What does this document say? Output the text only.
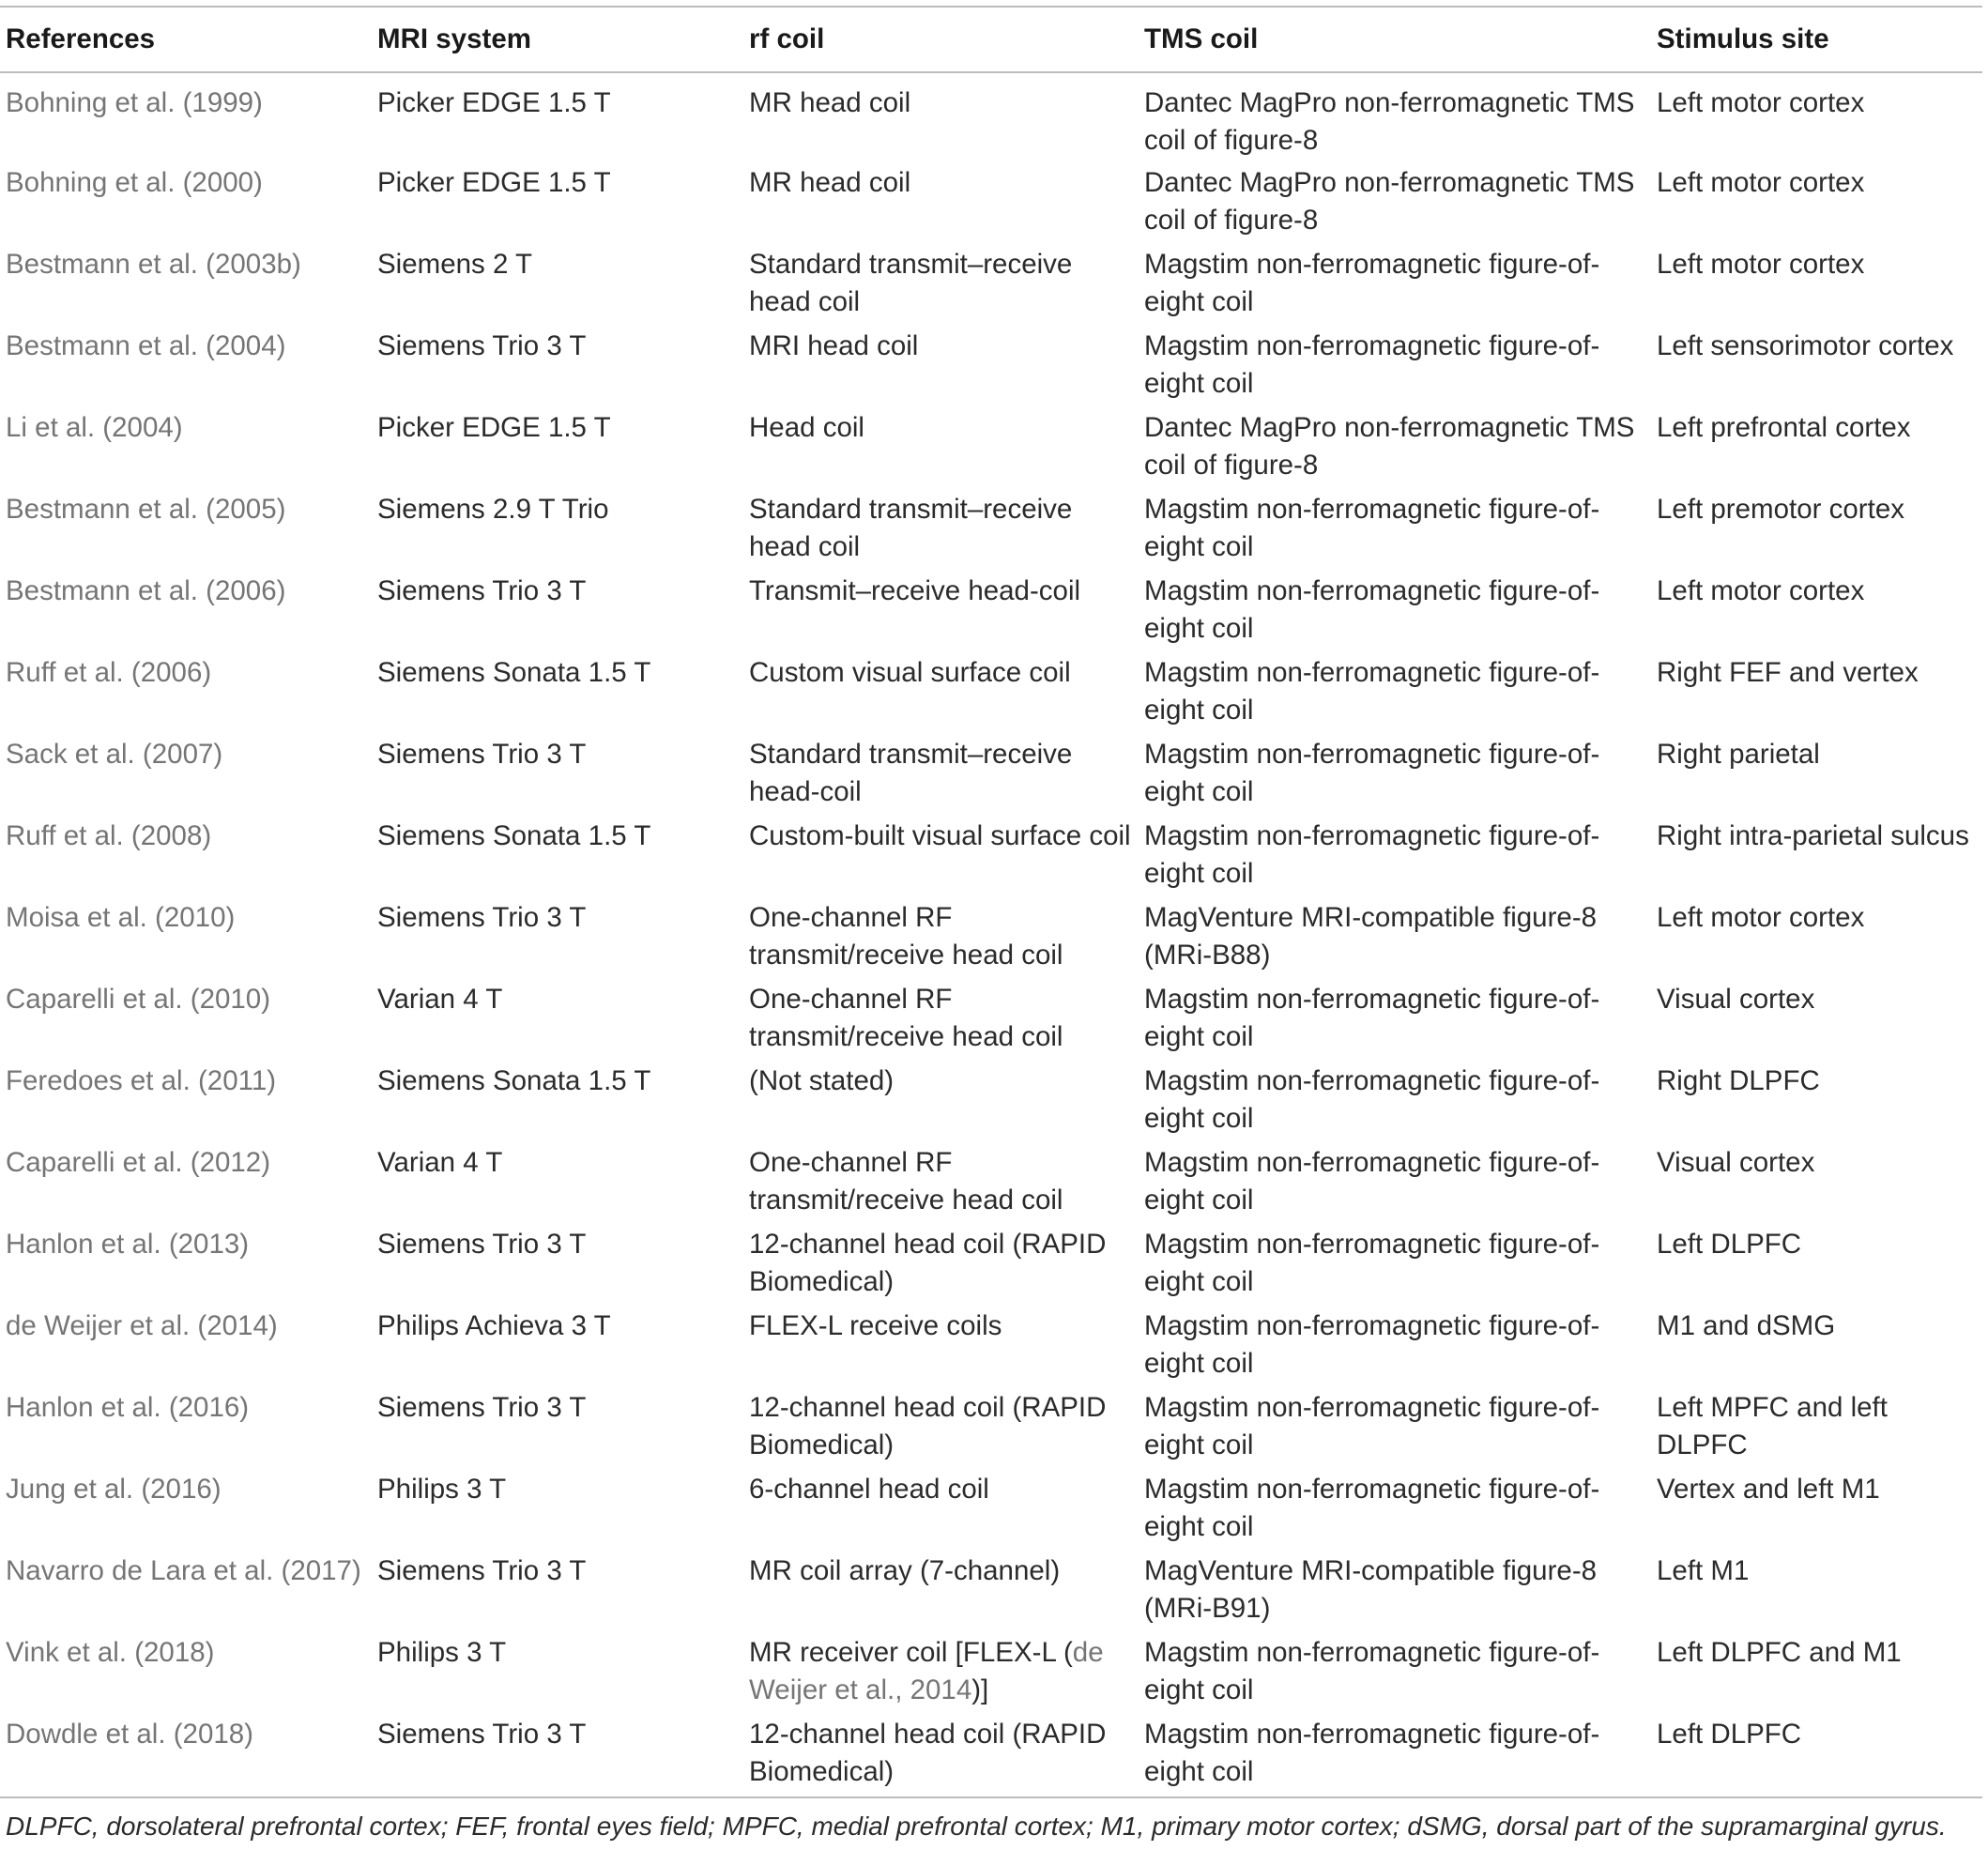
References	MRI system	rf coil	TMS coil	Stimulus site
Bohning et al. (1999)	Picker EDGE 1.5 T	MR head coil	Dantec MagPro non-ferromagnetic TMS coil of figure-8	Left motor cortex
Bohning et al. (2000)	Picker EDGE 1.5 T	MR head coil	Dantec MagPro non-ferromagnetic TMS coil of figure-8	Left motor cortex
Bestmann et al. (2003b)	Siemens 2 T	Standard transmit–receive head coil	Magstim non-ferromagnetic figure-of-eight coil	Left motor cortex
Bestmann et al. (2004)	Siemens Trio 3 T	MRI head coil	Magstim non-ferromagnetic figure-of-eight coil	Left sensorimotor cortex
Li et al. (2004)	Picker EDGE 1.5 T	Head coil	Dantec MagPro non-ferromagnetic TMS coil of figure-8	Left prefrontal cortex
Bestmann et al. (2005)	Siemens 2.9 T Trio	Standard transmit–receive head coil	Magstim non-ferromagnetic figure-of-eight coil	Left premotor cortex
Bestmann et al. (2006)	Siemens Trio 3 T	Transmit–receive head-coil	Magstim non-ferromagnetic figure-of-eight coil	Left motor cortex
Ruff et al. (2006)	Siemens Sonata 1.5 T	Custom visual surface coil	Magstim non-ferromagnetic figure-of-eight coil	Right FEF and vertex
Sack et al. (2007)	Siemens Trio 3 T	Standard transmit–receive head-coil	Magstim non-ferromagnetic figure-of-eight coil	Right parietal
Ruff et al. (2008)	Siemens Sonata 1.5 T	Custom-built visual surface coil	Magstim non-ferromagnetic figure-of-eight coil	Right intra-parietal sulcus
Moisa et al. (2010)	Siemens Trio 3 T	One-channel RF transmit/receive head coil	MagVenture MRI-compatible figure-8 (MRi-B88)	Left motor cortex
Caparelli et al. (2010)	Varian 4 T	One-channel RF transmit/receive head coil	Magstim non-ferromagnetic figure-of-eight coil	Visual cortex
Feredoes et al. (2011)	Siemens Sonata 1.5 T	(Not stated)	Magstim non-ferromagnetic figure-of-eight coil	Right DLPFC
Caparelli et al. (2012)	Varian 4 T	One-channel RF transmit/receive head coil	Magstim non-ferromagnetic figure-of-eight coil	Visual cortex
Hanlon et al. (2013)	Siemens Trio 3 T	12-channel head coil (RAPID Biomedical)	Magstim non-ferromagnetic figure-of-eight coil	Left DLPFC
de Weijer et al. (2014)	Philips Achieva 3 T	FLEX-L receive coils	Magstim non-ferromagnetic figure-of-eight coil	M1 and dSMG
Hanlon et al. (2016)	Siemens Trio 3 T	12-channel head coil (RAPID Biomedical)	Magstim non-ferromagnetic figure-of-eight coil	Left MPFC and left DLPFC
Jung et al. (2016)	Philips 3 T	6-channel head coil	Magstim non-ferromagnetic figure-of-eight coil	Vertex and left M1
Navarro de Lara et al. (2017)	Siemens Trio 3 T	MR coil array (7-channel)	MagVenture MRI-compatible figure-8 (MRi-B91)	Left M1
Vink et al. (2018)	Philips 3 T	MR receiver coil [FLEX-L (de Weijer et al., 2014)]	Magstim non-ferromagnetic figure-of-eight coil	Left DLPFC and M1
Dowdle et al. (2018)	Siemens Trio 3 T	12-channel head coil (RAPID Biomedical)	Magstim non-ferromagnetic figure-of-eight coil	Left DLPFC
DLPFC, dorsolateral prefrontal cortex; FEF, frontal eyes field; MPFC, medial prefrontal cortex; M1, primary motor cortex; dSMG, dorsal part of the supramarginal gyrus.
